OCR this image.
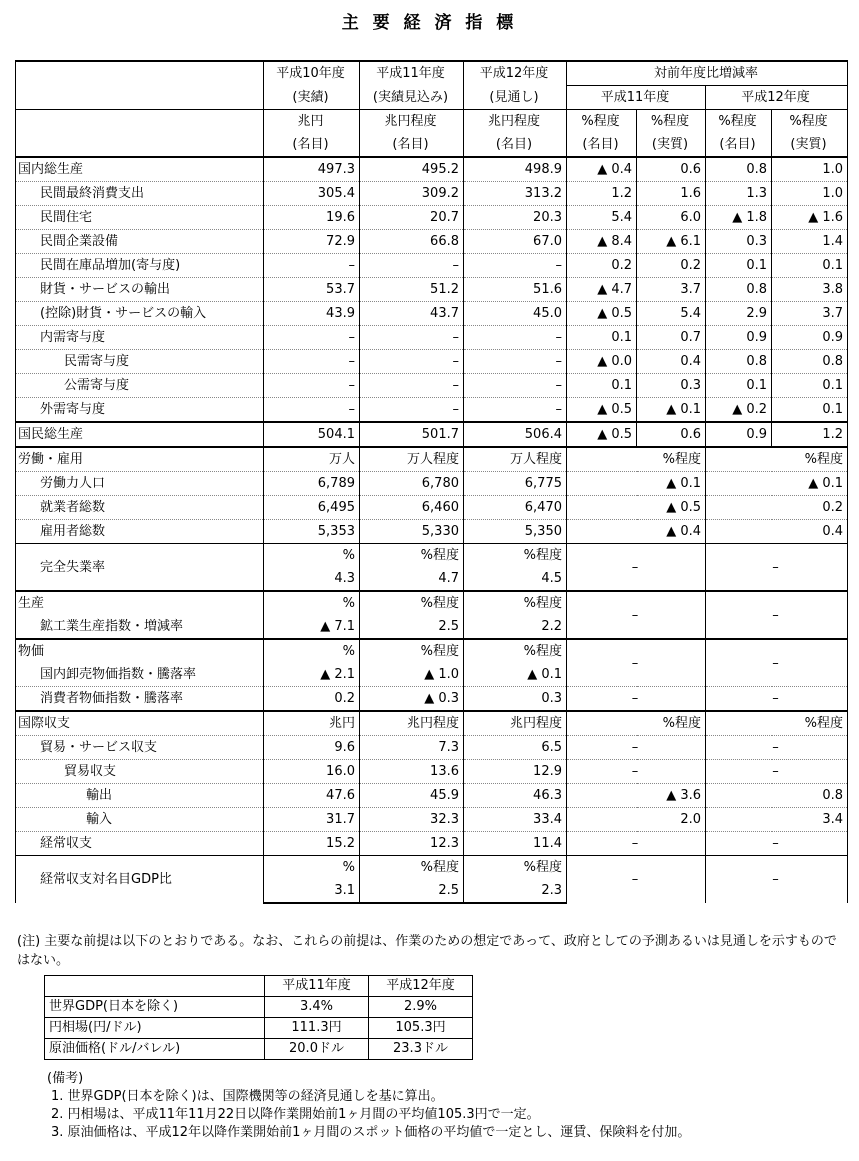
主 要 経 済 指 標
	平成10年度	平成11年度	平成12年度	対前年度比増減率			
	(実績)	(実績見込み)	(見通し)	平成11年度		平成12年度	
	兆円	兆円程度	兆円程度	%程度	%程度	%程度	%程度
	(名目)	(名目)	(名目)	(名目)	(実質)	(名目)	(実質)
国内総生産	497.3	495.2	498.9	▲ 0.4	0.6	0.8	1.0
民間最終消費支出	305.4	309.2	313.2	1.2	1.6	1.3	1.0
民間住宅	19.6	20.7	20.3	5.4	6.0	▲ 1.8	▲ 1.6
民間企業設備	72.9	66.8	67.0	▲ 8.4	▲ 6.1	0.3	1.4
民間在庫品増加(寄与度)	–	–	–	0.2	0.2	0.1	0.1
財貨・サービスの輸出	53.7	51.2	51.6	▲ 4.7	3.7	0.8	3.8
(控除)財貨・サービスの輸入	43.9	43.7	45.0	▲ 0.5	5.4	2.9	3.7
内需寄与度	–	–	–	0.1	0.7	0.9	0.9
民需寄与度	–	–	–	▲ 0.0	0.4	0.8	0.8
公需寄与度	–	–	–	0.1	0.3	0.1	0.1
外需寄与度	–	–	–	▲ 0.5	▲ 0.1	▲ 0.2	0.1
国民総生産	504.1	501.7	506.4	▲ 0.5	0.6	0.9	1.2
労働・雇用	万人	万人程度	万人程度	%程度		%程度	
労働力人口	6,789	6,780	6,775	▲ 0.1		▲ 0.1	
就業者総数	6,495	6,460	6,470	▲ 0.5		0.2	
雇用者総数	5,353	5,330	5,350	▲ 0.4		0.4	
完全失業率	%	%程度	%程度	–		–	
	4.3	4.7	4.5				
生産	%	%程度	%程度	–		–	
鉱工業生産指数・増減率	▲ 7.1	2.5	2.2				
物価	%	%程度	%程度	–		–	
国内卸売物価指数・騰落率	▲ 2.1	▲ 1.0	▲ 0.1				
消費者物価指数・騰落率	0.2	▲ 0.3	0.3	–		–	
国際収支	兆円	兆円程度	兆円程度	%程度		%程度	
貿易・サービス収支	9.6	7.3	6.5	–		–	
貿易収支	16.0	13.6	12.9	–		–	
輸出	47.6	45.9	46.3	▲ 3.6		0.8	
輸入	31.7	32.3	33.4	2.0		3.4	
経常収支	15.2	12.3	11.4	–		–	
経常収支対名目GDP比	%	%程度	%程度	–		–	
	3.1	2.5	2.3				
(注) 主要な前提は以下のとおりである。なお、これらの前提は、作業のための想定であって、政府としての予測あるいは見通しを示すものではない。
	平成11年度	平成12年度
世界GDP(日本を除く)	3.4%	2.9%
円相場(円/ドル)	111.3円	105.3円
原油価格(ドル/バレル)	20.0ドル	23.3ドル
(備考)
1. 世界GDP(日本を除く)は、国際機関等の経済見通しを基に算出。
2. 円相場は、平成11年11月22日以降作業開始前1ヶ月間の平均値105.3円で一定。
3. 原油価格は、平成12年以降作業開始前1ヶ月間のスポット価格の平均値で一定とし、運賃、保険料を付加。
